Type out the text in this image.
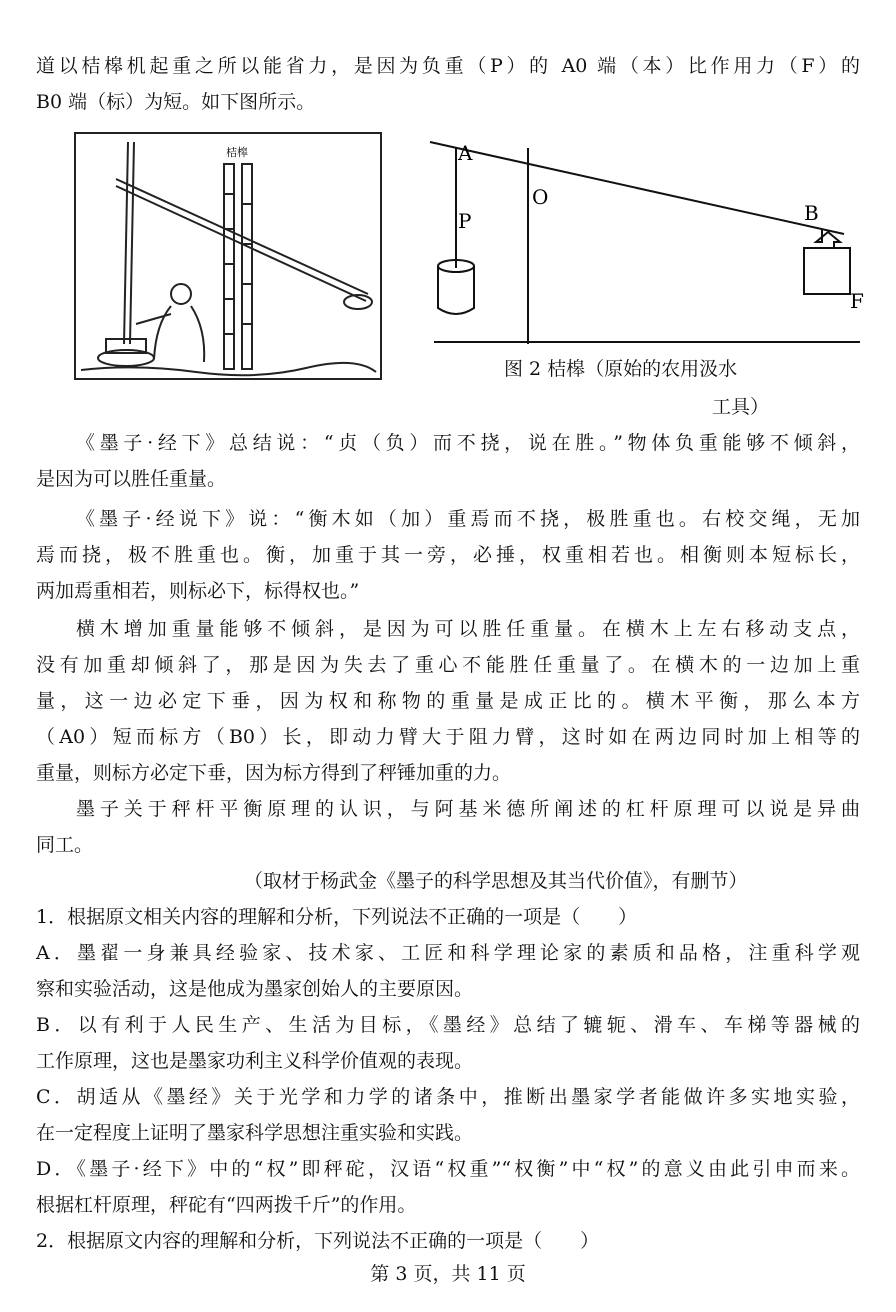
道以桔槔机起重之所以能省力，是因为负重（P）的 A0 端（本）比作用力（F）的
B0 端（标）为短。如下图所示。
桔槔	A
O
P	B
F
图 2 桔槔（原始的农用汲水
工具）
《墨子·经下》总结说：“贞（负）而不挠，说在胜。”物体负重能够不倾斜，
是因为可以胜任重量。
《墨子·经说下》说：“衡木如（加）重焉而不挠，极胜重也。右校交绳，无加
焉而挠，极不胜重也。衡，加重于其一旁，必捶，权重相若也。相衡则本短标长，
两加焉重相若，则标必下，标得权也。”
横木增加重量能够不倾斜，是因为可以胜任重量。在横木上左右移动支点，
没有加重却倾斜了，那是因为失去了重心不能胜任重量了。在横木的一边加上重
量，这一边必定下垂，因为权和称物的重量是成正比的。横木平衡，那么本方
（A0）短而标方（B0）长，即动力臂大于阻力臂，这时如在两边同时加上相等的
重量，则标方必定下垂，因为标方得到了秤锤加重的力。
墨子关于秤杆平衡原理的认识，与阿基米德所阐述的杠杆原理可以说是异曲
同工。
（取材于杨武金《墨子的科学思想及其当代价值》，有删节）
1．根据原文相关内容的理解和分析，下列说法不正确的一项是（　　）
A．墨翟一身兼具经验家、技术家、工匠和科学理论家的素质和品格，注重科学观
察和实验活动，这是他成为墨家创始人的主要原因。
B．以有利于人民生产、生活为目标，《墨经》总结了辘轭、滑车、车梯等器械的
工作原理，这也是墨家功利主义科学价值观的表现。
C．胡适从《墨经》关于光学和力学的诸条中，推断出墨家学者能做许多实地实验，
在一定程度上证明了墨家科学思想注重实验和实践。
D．《墨子·经下》中的“权”即秤砣，汉语“权重”“权衡”中“权”的意义由此引申而来。
根据杠杆原理，秤砣有“四两拨千斤”的作用。
2．根据原文内容的理解和分析，下列说法不正确的一项是（　　）
第 3 页，共 11 页
